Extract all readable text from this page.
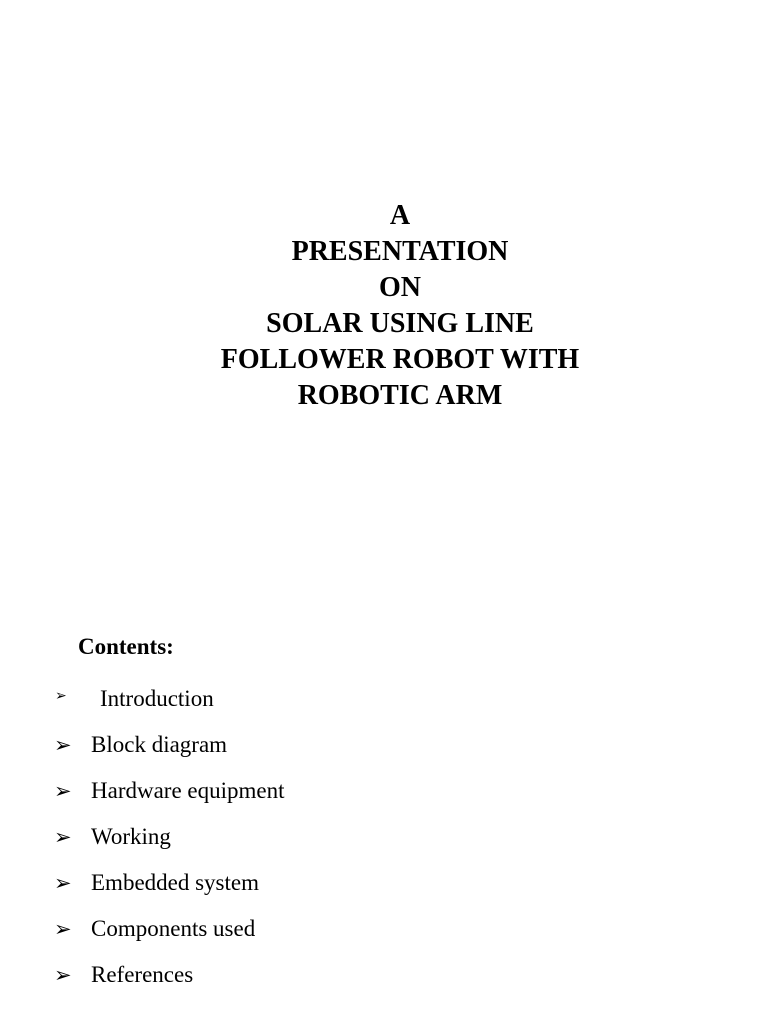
A
PRESENTATION
ON
SOLAR USING LINE
FOLLOWER ROBOT WITH
ROBOTIC ARM
Contents:
➢ Introduction
➢ Block diagram
➢ Hardware equipment
➢ Working
➢ Embedded system
➢ Components used
➢ References
